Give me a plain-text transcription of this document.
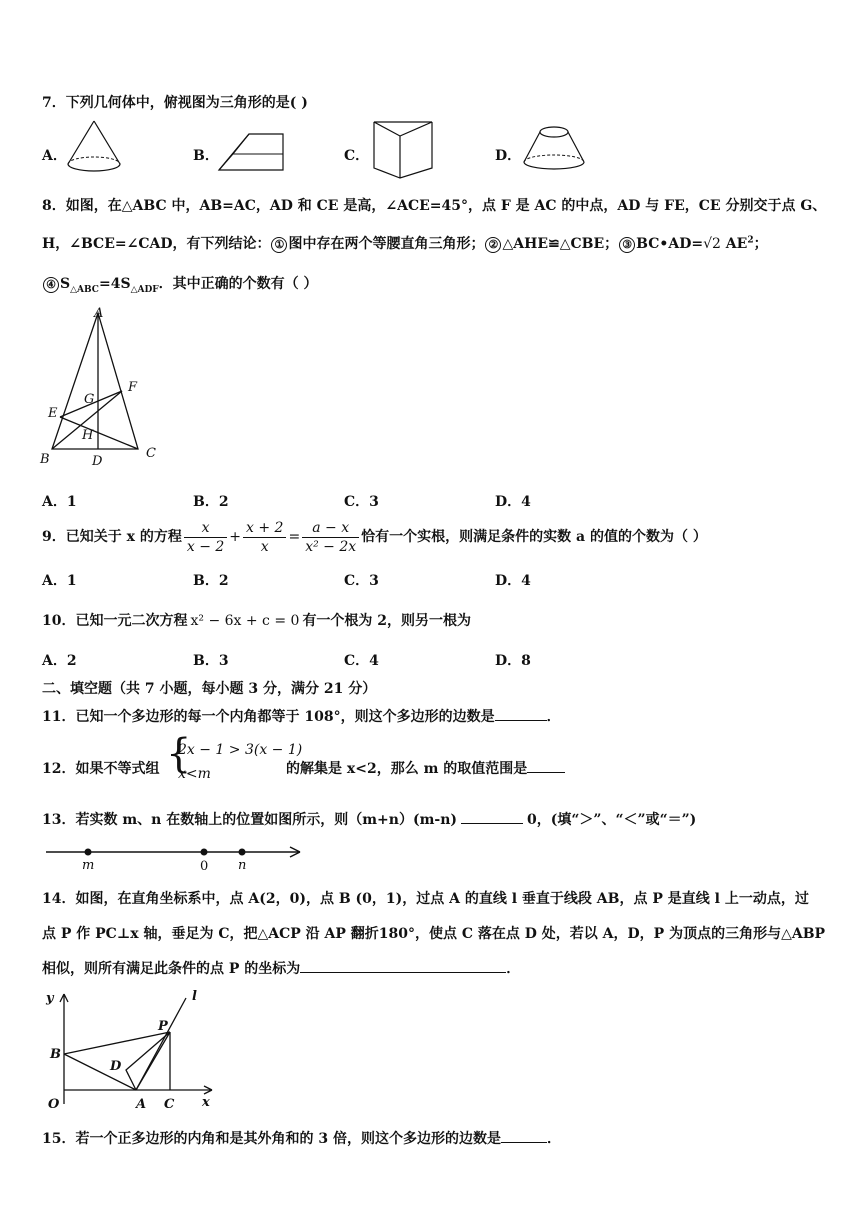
7．下列几何体中，俯视图为三角形的是( )
A．	B．	C．	D．
8．如图，在△ABC 中，AB=AC，AD 和 CE 是高，∠ACE=45°，点 F 是 AC 的中点，AD 与 FE，CE 分别交于点 G、
H，∠BCE=∠CAD，有下列结论： ① 图中存在两个等腰直角三角形； ② △AHE≌△CBE； ③ BC•AD=√2 $AE^2$；
④ $S_{\triangle ABC}=4S_{\triangle ADF}$．其中正确的个数有（ ）
A
B	C
D
E
F
G
H
A．1	B．2	C．3	D．4
9．已知关于 x 的方程 $\frac{x}{x - 2} + \frac{x + 2}{x} = \frac{a - x}{\text{x² − 2x}}$ 恰有一个实根，则满足条件的实数 a 的值的个数为（ ）
A．1	B．2	C．3	D．4
10．已知一元二次方程 x² − 6x + c = 0 有一个根为 2，则另一根为
A．2	B．3	C．4	D．8
二、填空题（共 7 小题，每小题 3 分，满分 21 分）
11．已知一个多边形的每一个内角都等于 108°，则这个多边形的边数是	．
12．如果不等式组 {
2x − 1 > 3(x − 1)
x<m	的解集是 x<2，那么 m 的取值范围是
13．若实数 m、n 在数轴上的位置如图所示，则（m+n）(m-n)	0，(填“＞”、“＜”或“＝”)
m	0 n
14．如图，在直角坐标系中，点 A(2，0)，点 B (0，1)，过点 A 的直线 l 垂直于线段 AB，点 P 是直线 l 上一动点，过
点 P 作 PC⊥x 轴，垂足为 C，把△ACP 沿 AP 翻折180°，使点 C 落在点 D 处，若以 A，D，P 为顶点的三角形与△ABP
相似，则所有满足此条件的点 P 的坐标为	．
y
x
O	A
B
C
D
P
l
15．若一个正多边形的内角和是其外角和的 3 倍，则这个多边形的边数是	．
